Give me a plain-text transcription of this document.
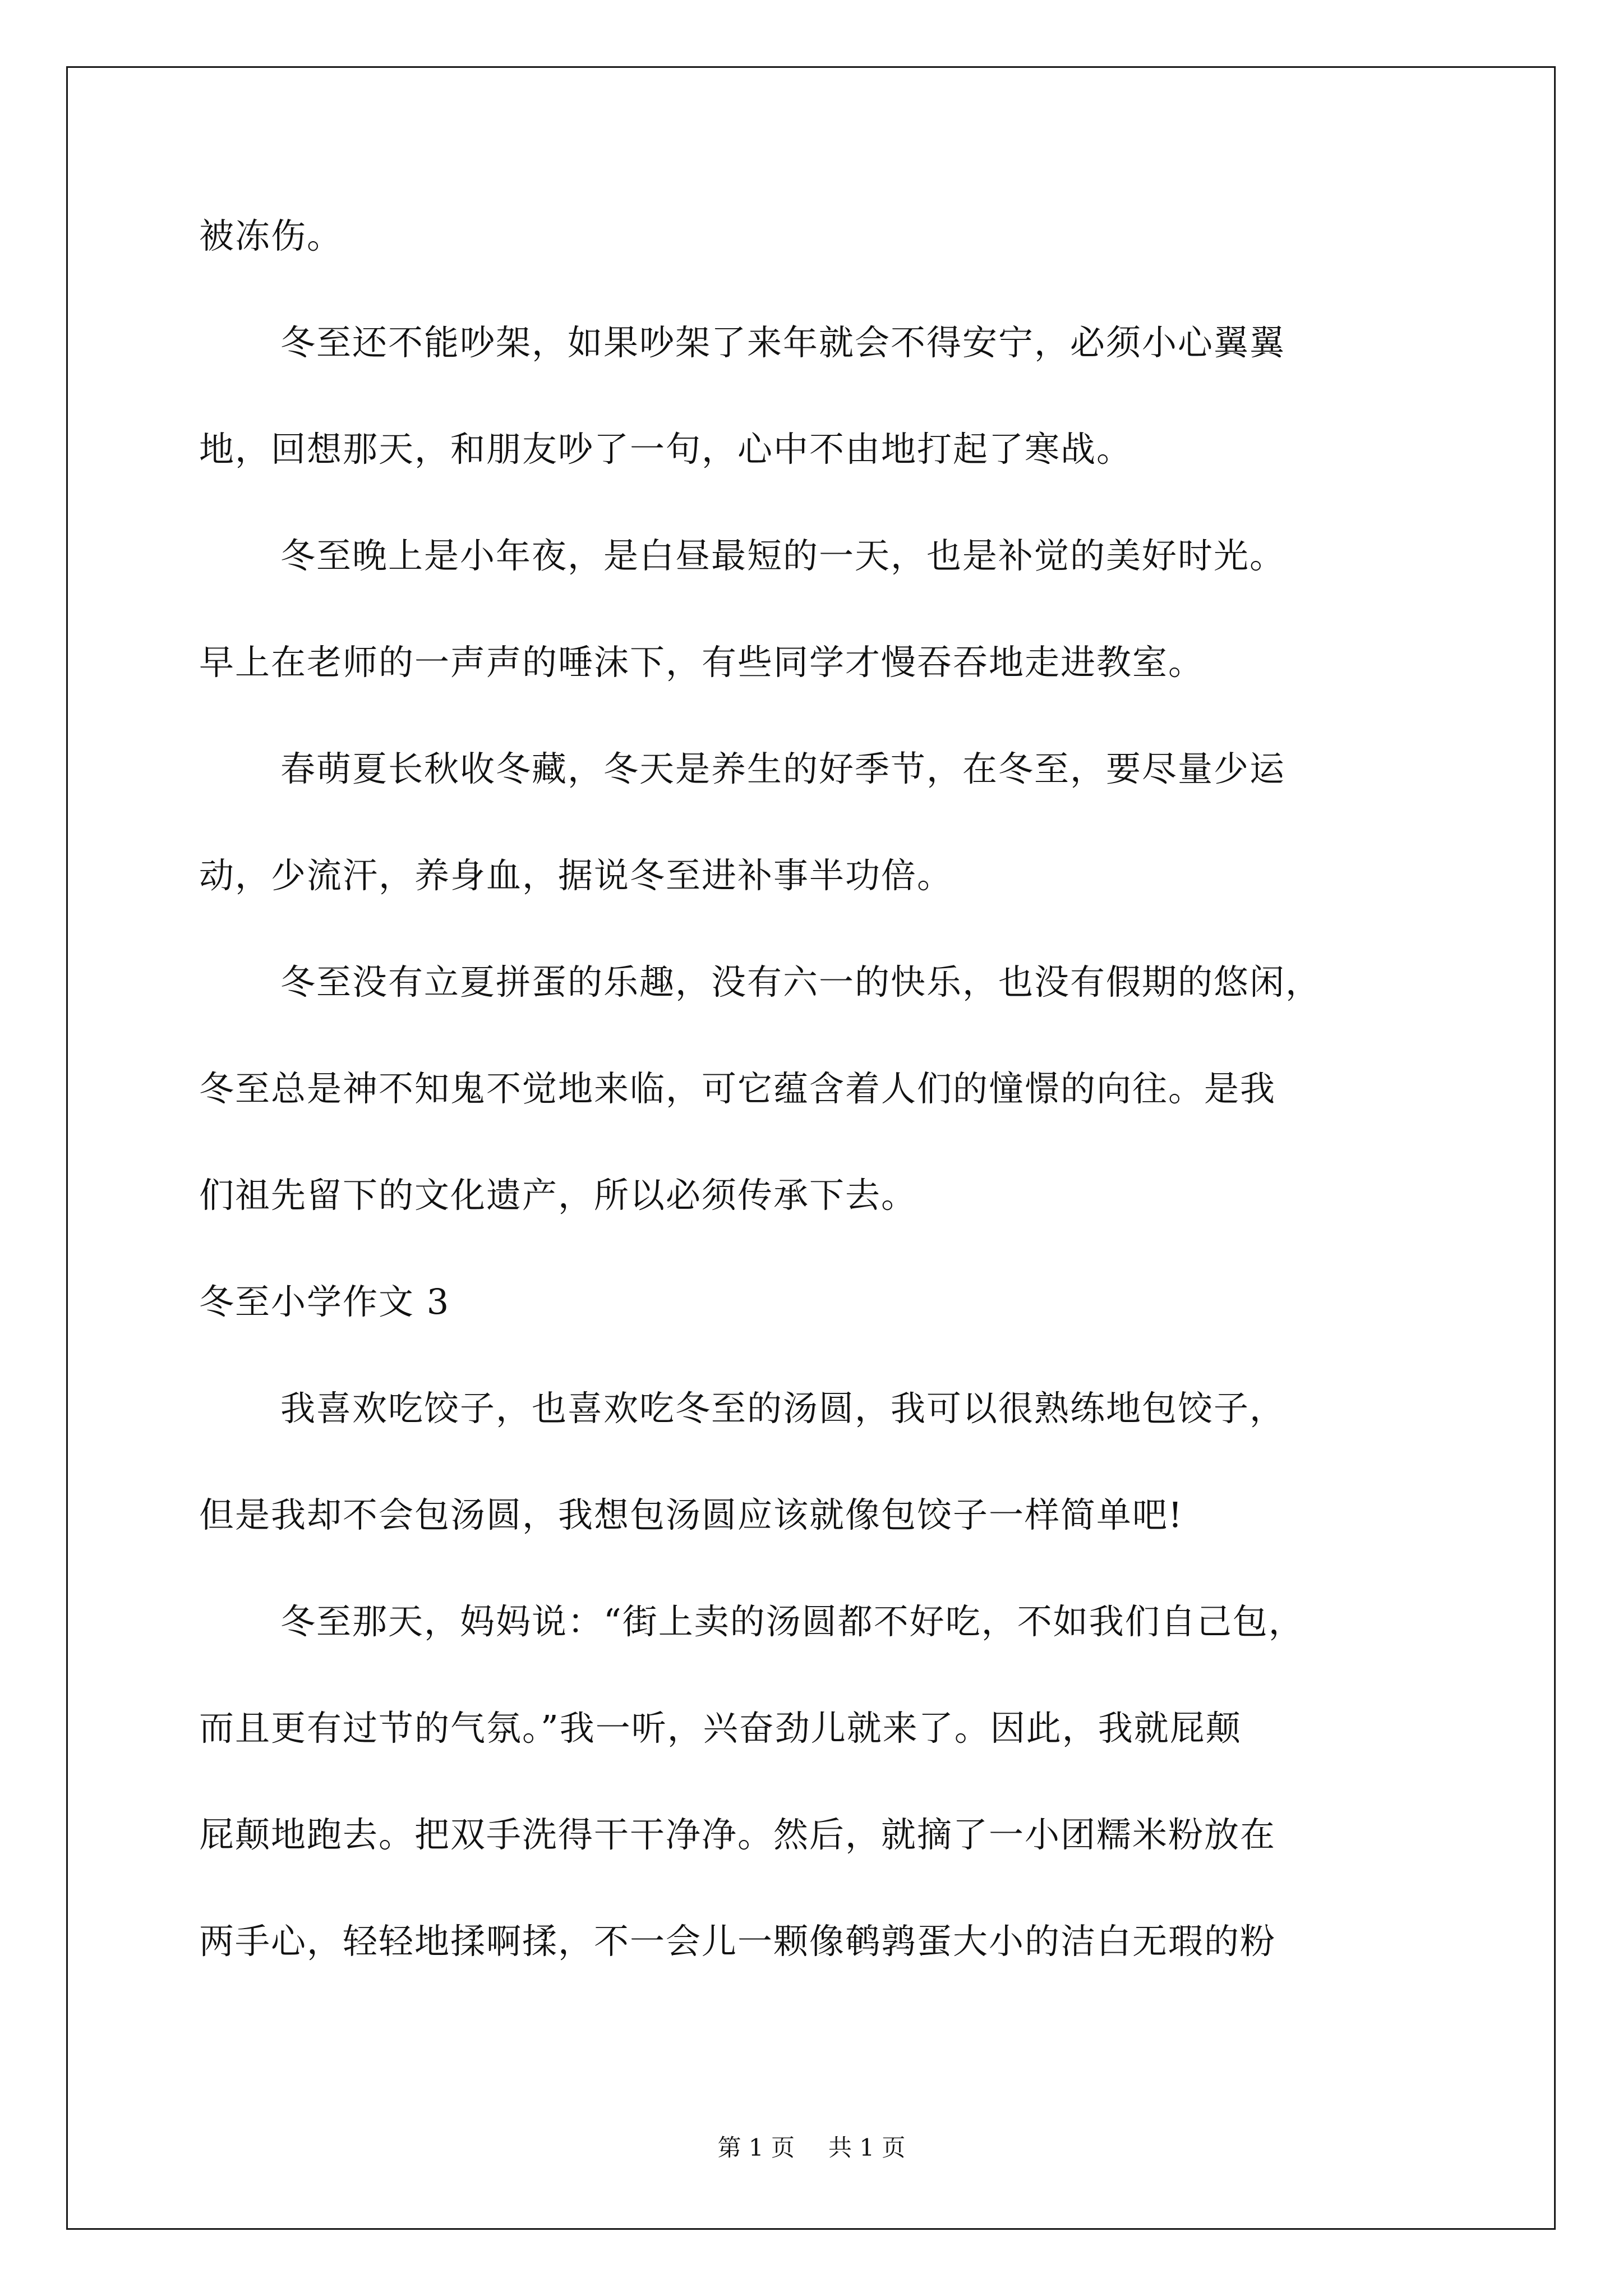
被冻伤。
冬至还不能吵架，如果吵架了来年就会不得安宁，必须小心翼翼
地，回想那天，和朋友吵了一句，心中不由地打起了寒战。
冬至晚上是小年夜，是白昼最短的一天，也是补觉的美好时光。
早上在老师的一声声的唾沫下，有些同学才慢吞吞地走进教室。
春萌夏长秋收冬藏，冬天是养生的好季节，在冬至，要尽量少运
动，少流汗，养身血，据说冬至进补事半功倍。
冬至没有立夏拼蛋的乐趣，没有六一的快乐，也没有假期的悠闲，
冬至总是神不知鬼不觉地来临，可它蕴含着人们的憧憬的向往。是我
们祖先留下的文化遗产，所以必须传承下去。
冬至小学作文 3
我喜欢吃饺子，也喜欢吃冬至的汤圆，我可以很熟练地包饺子，
但是我却不会包汤圆，我想包汤圆应该就像包饺子一样简单吧!
冬至那天，妈妈说：“街上卖的汤圆都不好吃，不如我们自己包，
而且更有过节的气氛。”我一听，兴奋劲儿就来了。因此，我就屁颠
屁颠地跑去。把双手洗得干干净净。然后，就摘了一小团糯米粉放在
两手心，轻轻地揉啊揉，不一会儿一颗像鹌鹑蛋大小的洁白无瑕的粉
第 1 页 共 1 页
